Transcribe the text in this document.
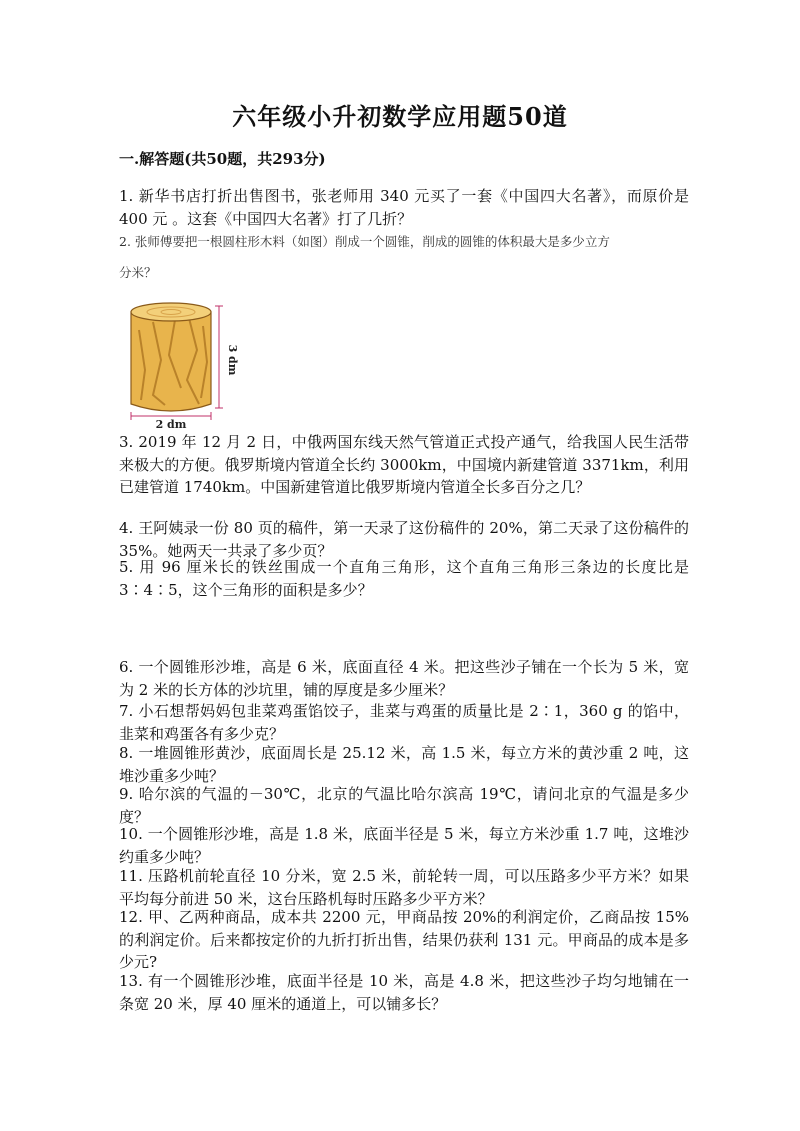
六年级小升初数学应用题50道
一.解答题(共50题，共293分)

1. 新华书店打折出售图书，张老师用 340 元买了一套《中国四大名著》，而原价是 400 元 。这套《中国四大名著》打了几折？

2. 张师傅要把一根圆柱形木料（如图）削成一个圆锥，削成的圆锥的体积最大是多少立方

分米？
3 dm
2 dm

3. 2019 年 12 月 2 日，中俄两国东线天然气管道正式投产通气，给我国人民生活带来极大的方便。俄罗斯境内管道全长约 3000km，中国境内新建管道 3371km，利用已建管道 1740km。中国新建管道比俄罗斯境内管道全长多百分之几？

4. 王阿姨录一份 80 页的稿件，第一天录了这份稿件的 20%，第二天录了这份稿件的 35%。她两天一共录了多少页？

5. 用 96 厘米长的铁丝围成一个直角三角形，这个直角三角形三条边的长度比是 3∶4∶5，这个三角形的面积是多少？

6. 一个圆锥形沙堆，高是 6 米，底面直径 4 米。把这些沙子铺在一个长为 5 米，宽为 2 米的长方体的沙坑里，铺的厚度是多少厘米？

7. 小石想帮妈妈包韭菜鸡蛋馅饺子，韭菜与鸡蛋的质量比是 2∶1，360 g 的馅中，韭菜和鸡蛋各有多少克？

8. 一堆圆锥形黄沙，底面周长是 25.12 米，高 1.5 米，每立方米的黄沙重 2 吨，这堆沙重多少吨？

9. 哈尔滨的气温的－30℃，北京的气温比哈尔滨高 19℃，请问北京的气温是多少度？

10. 一个圆锥形沙堆，高是 1.8 米，底面半径是 5 米，每立方米沙重 1.7 吨，这堆沙约重多少吨？

11. 压路机前轮直径 10 分米，宽 2.5 米，前轮转一周，可以压路多少平方米？如果平均每分前进 50 米，这台压路机每时压路多少平方米？

12. 甲、乙两种商品，成本共 2200 元，甲商品按 20%的利润定价，乙商品按 15%的利润定价。后来都按定价的九折打折出售，结果仍获利 131 元。甲商品的成本是多少元?

13. 有一个圆锥形沙堆，底面半径是 10 米，高是 4.8 米，把这些沙子均匀地铺在一条宽 20 米，厚 40 厘米的通道上，可以铺多长？
